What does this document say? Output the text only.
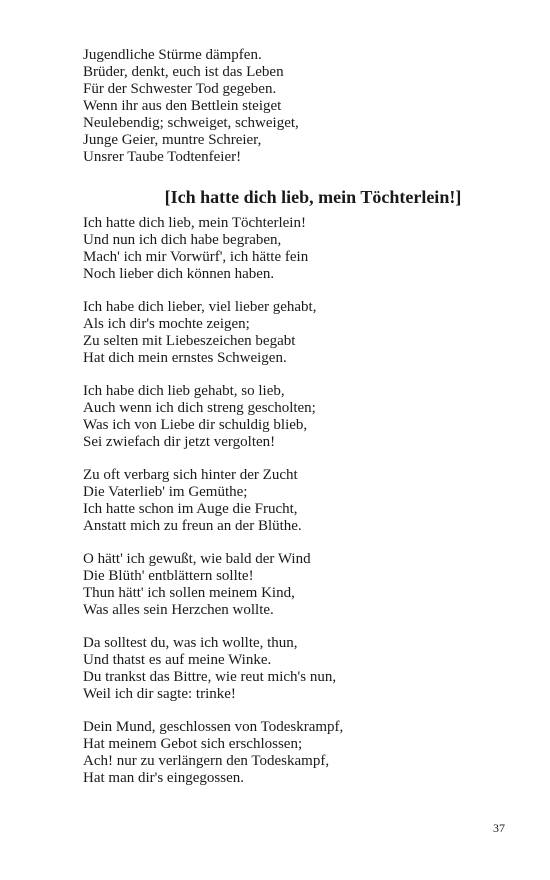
Jugendliche Stürme dämpfen.
Brüder, denkt, euch ist das Leben
Für der Schwester Tod gegeben.
Wenn ihr aus den Bettlein steiget
Neulebendig; schweiget, schweiget,
Junge Geier, muntre Schreier,
Unsrer Taube Todtenfeier!
[Ich hatte dich lieb, mein Töchterlein!]
Ich hatte dich lieb, mein Töchterlein!
Und nun ich dich habe begraben,
Mach' ich mir Vorwürf', ich hätte fein
Noch lieber dich können haben.
Ich habe dich lieber, viel lieber gehabt,
Als ich dir's mochte zeigen;
Zu selten mit Liebeszeichen begabt
Hat dich mein ernstes Schweigen.
Ich habe dich lieb gehabt, so lieb,
Auch wenn ich dich streng gescholten;
Was ich von Liebe dir schuldig blieb,
Sei zwiefach dir jetzt vergolten!
Zu oft verbarg sich hinter der Zucht
Die Vaterlieb' im Gemüthe;
Ich hatte schon im Auge die Frucht,
Anstatt mich zu freun an der Blüthe.
O hätt' ich gewußt, wie bald der Wind
Die Blüth' entblättern sollte!
Thun hätt' ich sollen meinem Kind,
Was alles sein Herzchen wollte.
Da solltest du, was ich wollte, thun,
Und thatst es auf meine Winke.
Du trankst das Bittre, wie reut mich's nun,
Weil ich dir sagte: trinke!
Dein Mund, geschlossen von Todeskrampf,
Hat meinem Gebot sich erschlossen;
Ach! nur zu verlängern den Todeskampf,
Hat man dir's eingegossen.
37
